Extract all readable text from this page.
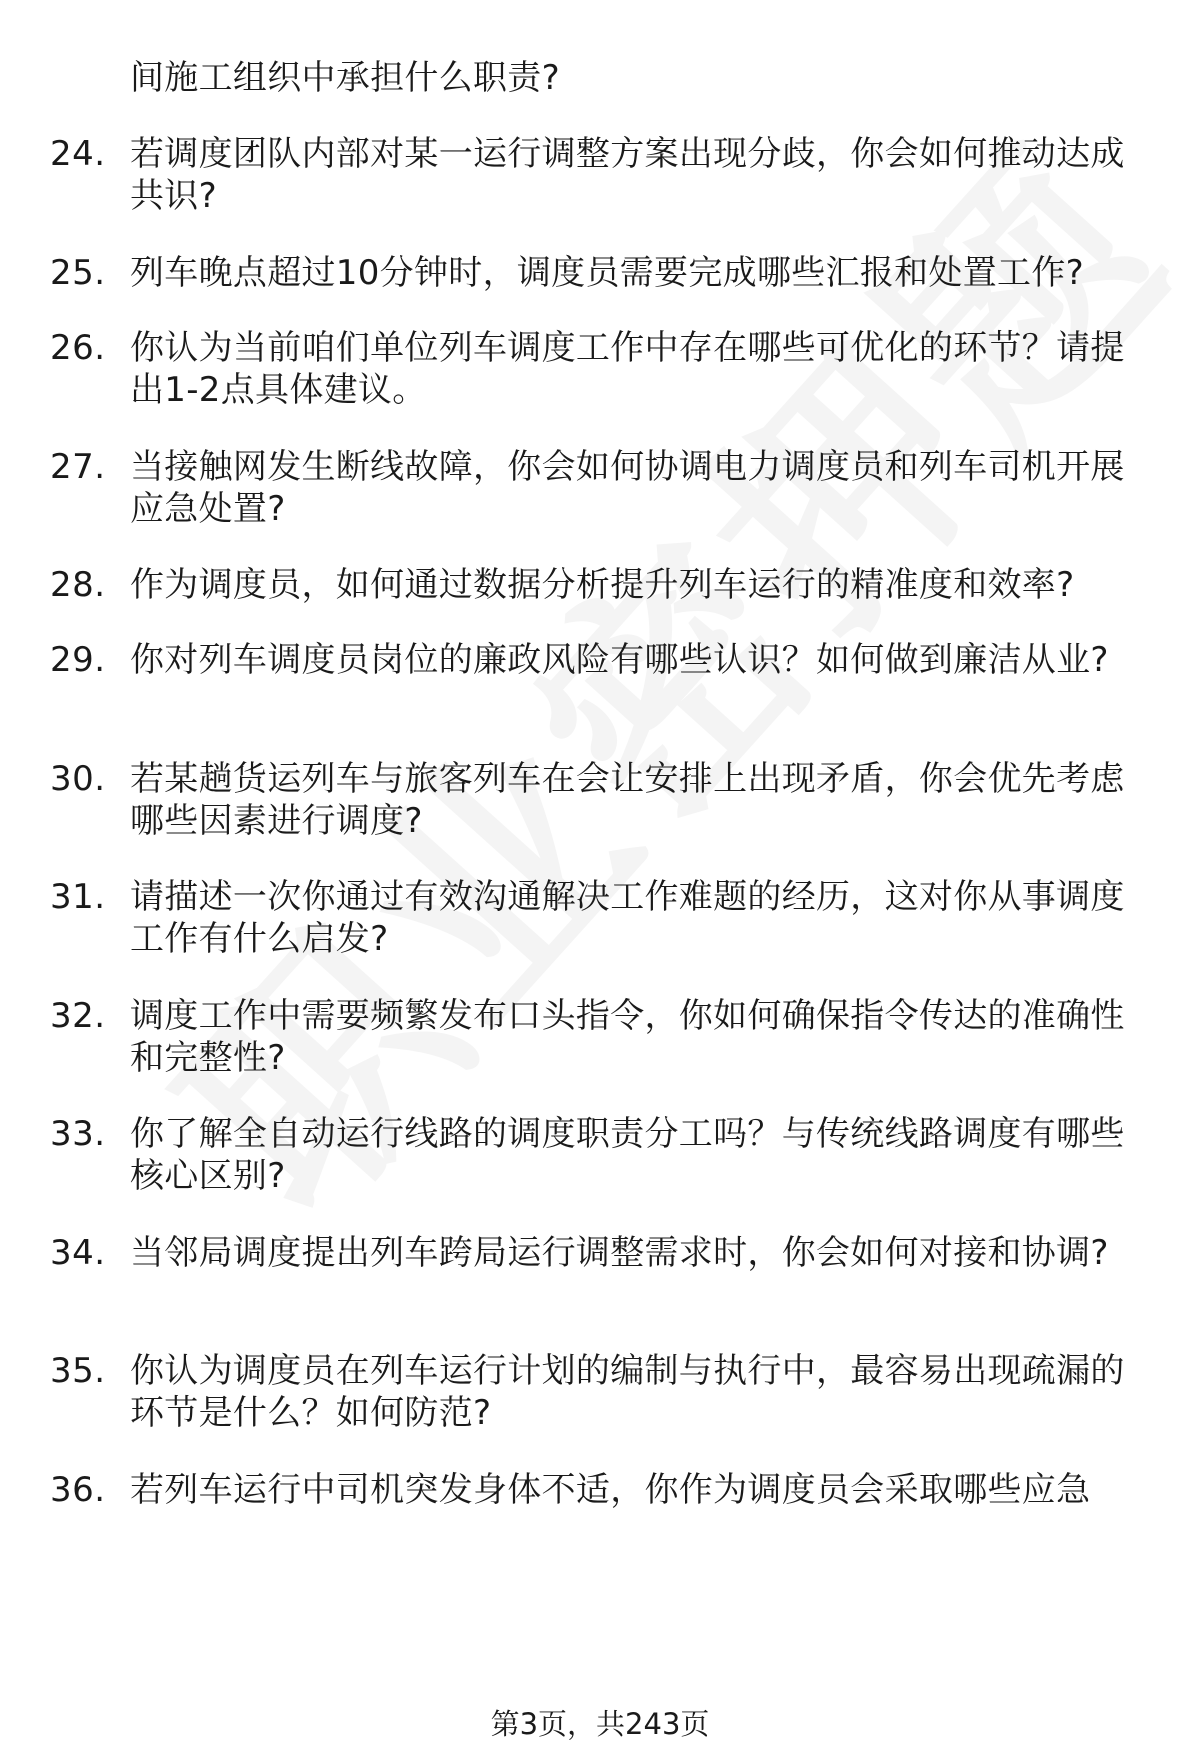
间施工组织中承担什么职责?
24. 若调度团队内部对某一运行调整方案出现分歧，你会如何推动达成共识?
25. 列车晚点超过10分钟时，调度员需要完成哪些汇报和处置工作?
26. 你认为当前咱们单位列车调度工作中存在哪些可优化的环节？请提出1-2点具体建议。
27. 当接触网发生断线故障，你会如何协调电力调度员和列车司机开展应急处置?
28. 作为调度员，如何通过数据分析提升列车运行的精准度和效率?
29. 你对列车调度员岗位的廉政风险有哪些认识？如何做到廉洁从业?
30. 若某趟货运列车与旅客列车在会让安排上出现矛盾，你会优先考虑哪些因素进行调度?
31. 请描述一次你通过有效沟通解决工作难题的经历，这对你从事调度工作有什么启发?
32. 调度工作中需要频繁发布口头指令，你如何确保指令传达的准确性和完整性?
33. 你了解全自动运行线路的调度职责分工吗？与传统线路调度有哪些核心区别?
34. 当邻局调度提出列车跨局运行调整需求时，你会如何对接和协调?
35. 你认为调度员在列车运行计划的编制与执行中，最容易出现疏漏的环节是什么？如何防范?
36. 若列车运行中司机突发身体不适，你作为调度员会采取哪些应急
第3页，共243页
